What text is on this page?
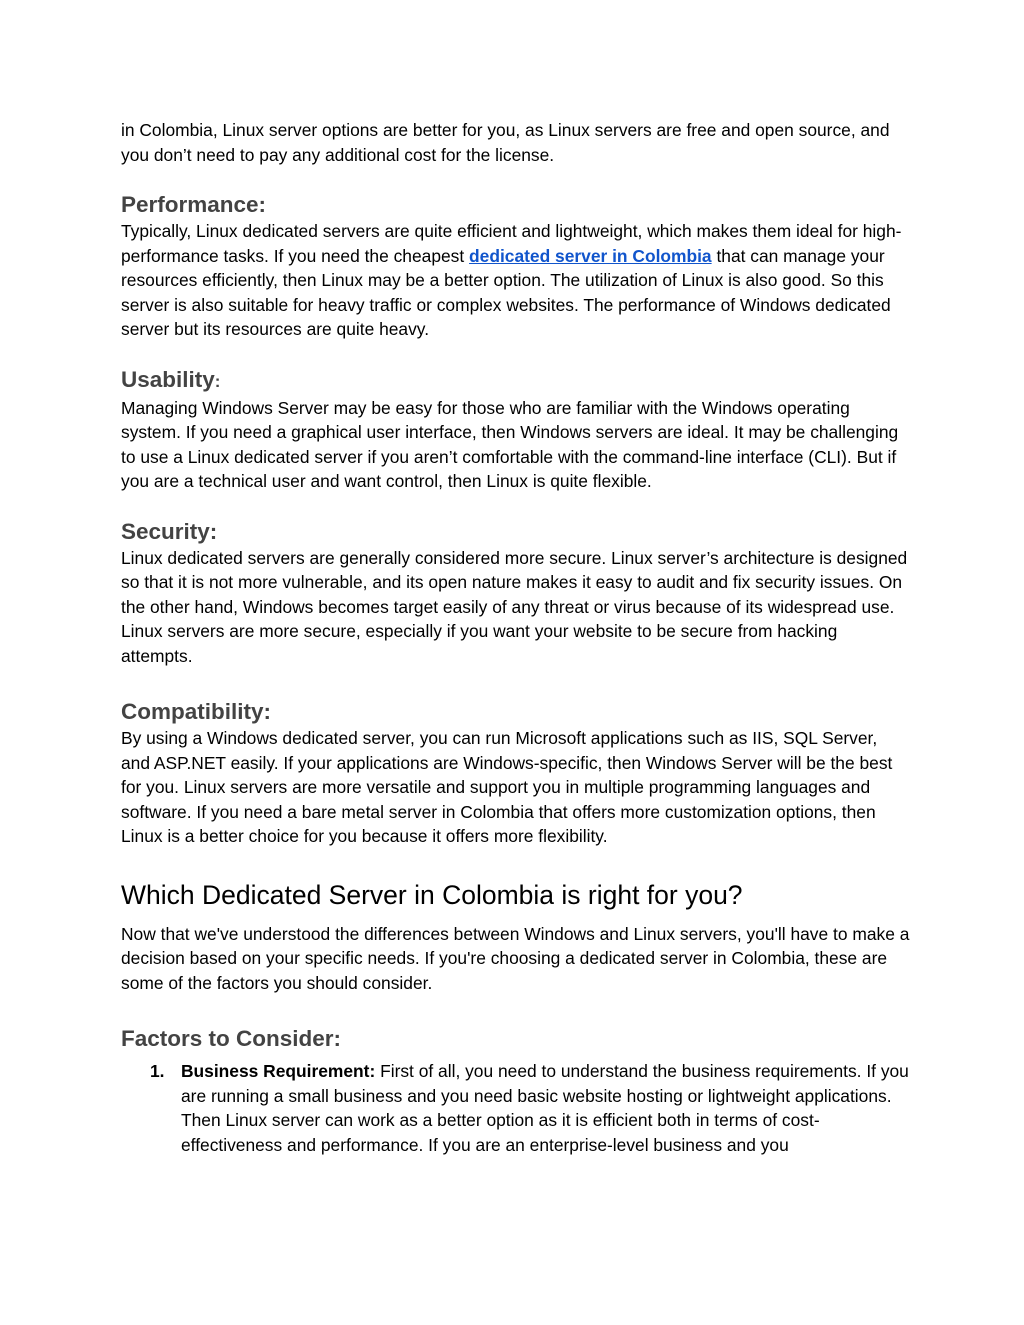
in Colombia, Linux server options are better for you, as Linux servers are free and open source, and you don’t need to pay any additional cost for the license.

Performance:

Typically, Linux dedicated servers are quite efficient and lightweight, which makes them ideal for high-performance tasks. If you need the cheapest dedicated server in Colombia that can manage your resources efficiently, then Linux may be a better option. The utilization of Linux is also good. So this server is also suitable for heavy traffic or complex websites. The performance of Windows dedicated server but its resources are quite heavy.

Usability:

Managing Windows Server may be easy for those who are familiar with the Windows operating system. If you need a graphical user interface, then Windows servers are ideal. It may be challenging to use a Linux dedicated server if you aren’t comfortable with the command-line interface (CLI). But if you are a technical user and want control, then Linux is quite flexible.

Security:

Linux dedicated servers are generally considered more secure. Linux server’s architecture is designed so that it is not more vulnerable, and its open nature makes it easy to audit and fix security issues. On the other hand, Windows becomes target easily of any threat or virus because of its widespread use. Linux servers are more secure, especially if you want your website to be secure from hacking attempts.

Compatibility:

By using a Windows dedicated server, you can run Microsoft applications such as IIS, SQL Server, and ASP.NET easily. If your applications are Windows-specific, then Windows Server will be the best for you. Linux servers are more versatile and support you in multiple programming languages and software. If you need a bare metal server in Colombia that offers more customization options, then Linux is a better choice for you because it offers more flexibility.

Which Dedicated Server in Colombia is right for you?

Now that we've understood the differences between Windows and Linux servers, you'll have to make a decision based on your specific needs. If you're choosing a dedicated server in Colombia, these are some of the factors you should consider.

Factors to Consider:
1. Business Requirement: First of all, you need to understand the business requirements. If you are running a small business and you need basic website hosting or lightweight applications. Then Linux server can work as a better option as it is efficient both in terms of cost-effectiveness and performance. If you are an enterprise-level business and you
